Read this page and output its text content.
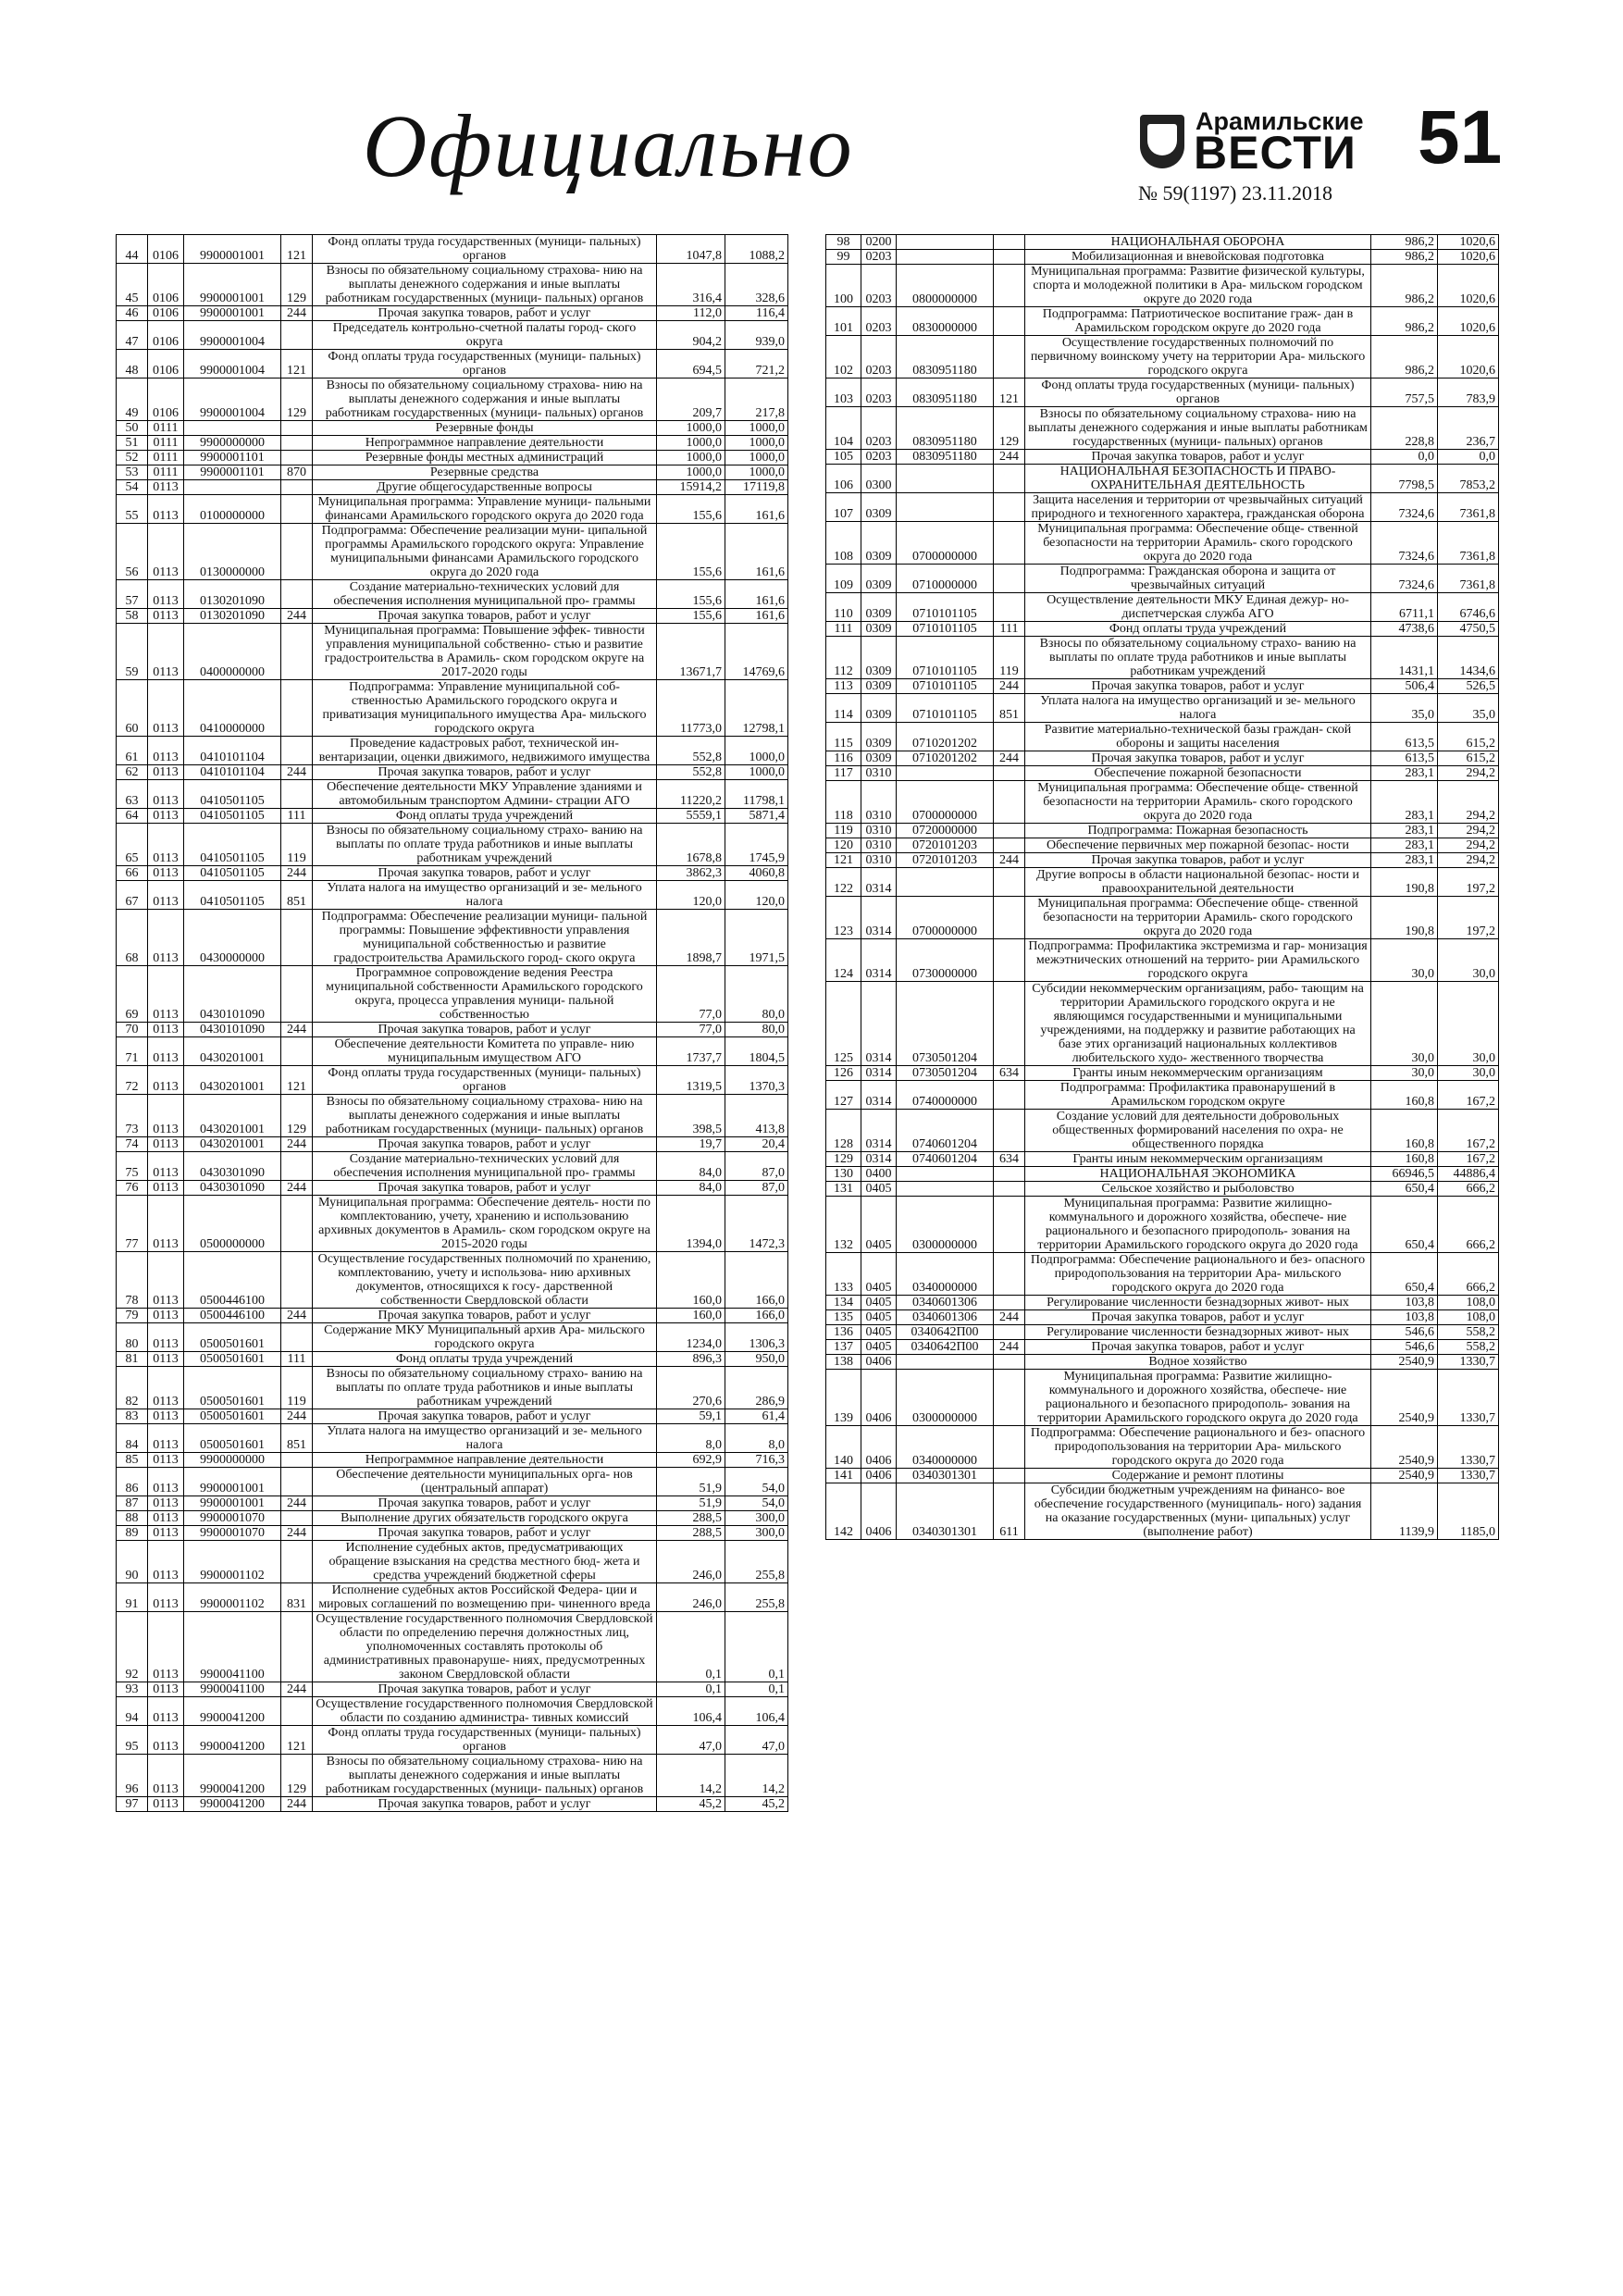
Официально	Арамильские
ВЕСТИ 51
№ 59(1197) 23.11.2018
44	0106	9900001001	121	Фонд оплаты труда государственных (муници- пальных) органов	1047,8	1088,2
45	0106	9900001001	129	Взносы по обязательному социальному страхова- нию на выплаты денежного содержания и иные выплаты работникам государственных (муници- пальных) органов	316,4	328,6
46	0106	9900001001	244	Прочая закупка товаров, работ и услуг	112,0	116,4
47	0106	9900001004		Председатель контрольно-счетной палаты город- ского округа	904,2	939,0
48	0106	9900001004	121	Фонд оплаты труда государственных (муници- пальных) органов	694,5	721,2
49	0106	9900001004	129	Взносы по обязательному социальному страхова- нию на выплаты денежного содержания и иные выплаты работникам государственных (муници- пальных) органов	209,7	217,8
50	0111			Резервные фонды	1000,0	1000,0
51	0111	9900000000		Непрограммное направление деятельности	1000,0	1000,0
52	0111	9900001101		Резервные фонды местных администраций	1000,0	1000,0
53	0111	9900001101	870	Резервные средства	1000,0	1000,0
54	0113			Другие общегосударственные вопросы	15914,2	17119,8
55	0113	0100000000		Муниципальная программа: Управление муници- пальными финансами Арамильского городского округа до 2020 года	155,6	161,6
56	0113	0130000000		Подпрограмма: Обеспечение реализации муни- ципальной программы Арамильского городского округа: Управление муниципальными финансами Арамильского городского округа до 2020 года	155,6	161,6
57	0113	0130201090		Создание материально-технических условий для обеспечения исполнения муниципальной про- граммы	155,6	161,6
58	0113	0130201090	244	Прочая закупка товаров, работ и услуг	155,6	161,6
59	0113	0400000000		Муниципальная программа: Повышение эффек- тивности управления муниципальной собственно- стью и развитие градостроительства в Арамиль- ском городском округе на 2017-2020 годы	13671,7	14769,6
60	0113	0410000000		Подпрограмма: Управление муниципальной соб- ственностью Арамильского городского округа и приватизация муниципального имущества Ара- мильского городского округа	11773,0	12798,1
61	0113	0410101104		Проведение кадастровых работ, технической ин- вентаризации, оценки движимого, недвижимого имущества	552,8	1000,0
62	0113	0410101104	244	Прочая закупка товаров, работ и услуг	552,8	1000,0
63	0113	0410501105		Обеспечение деятельности МКУ Управление зданиями и автомобильным транспортом Админи- страции АГО	11220,2	11798,1
64	0113	0410501105	111	Фонд оплаты труда учреждений	5559,1	5871,4
65	0113	0410501105	119	Взносы по обязательному социальному страхо- ванию на выплаты по оплате труда работников и иные выплаты работникам учреждений	1678,8	1745,9
66	0113	0410501105	244	Прочая закупка товаров, работ и услуг	3862,3	4060,8
67	0113	0410501105	851	Уплата налога на имущество организаций и зе- мельного налога	120,0	120,0
68	0113	0430000000		Подпрограмма: Обеспечение реализации муници- пальной программы: Повышение эффективности управления муниципальной собственностью и развитие градостроительства Арамильского город- ского округа	1898,7	1971,5
69	0113	0430101090		Программное сопровождение ведения Реестра муниципальной собственности Арамильского городского округа, процесса управления муници- пальной собственностью	77,0	80,0
70	0113	0430101090	244	Прочая закупка товаров, работ и услуг	77,0	80,0
71	0113	0430201001		Обеспечение деятельности Комитета по управле- нию муниципальным имуществом АГО	1737,7	1804,5
72	0113	0430201001	121	Фонд оплаты труда государственных (муници- пальных) органов	1319,5	1370,3
73	0113	0430201001	129	Взносы по обязательному социальному страхова- нию на выплаты денежного содержания и иные выплаты работникам государственных (муници- пальных) органов	398,5	413,8
74	0113	0430201001	244	Прочая закупка товаров, работ и услуг	19,7	20,4
75	0113	0430301090		Создание материально-технических условий для обеспечения исполнения муниципальной про- граммы	84,0	87,0
76	0113	0430301090	244	Прочая закупка товаров, работ и услуг	84,0	87,0
77	0113	0500000000		Муниципальная программа: Обеспечение деятель- ности по комплектованию, учету, хранению и использованию архивных документов в Арамиль- ском городском округе на 2015-2020 годы	1394,0	1472,3
78	0113	0500446100		Осуществление государственных полномочий по хранению, комплектованию, учету и использова- нию архивных документов, относящихся к госу- дарственной собственности Свердловской области	160,0	166,0
79	0113	0500446100	244	Прочая закупка товаров, работ и услуг	160,0	166,0
80	0113	0500501601		Содержание МКУ Муниципальный архив Ара- мильского городского округа	1234,0	1306,3
81	0113	0500501601	111	Фонд оплаты труда учреждений	896,3	950,0
82	0113	0500501601	119	Взносы по обязательному социальному страхо- ванию на выплаты по оплате труда работников и иные выплаты работникам учреждений	270,6	286,9
83	0113	0500501601	244	Прочая закупка товаров, работ и услуг	59,1	61,4
84	0113	0500501601	851	Уплата налога на имущество организаций и зе- мельного налога	8,0	8,0
85	0113	9900000000		Непрограммное направление деятельности	692,9	716,3
86	0113	9900001001		Обеспечение деятельности муниципальных орга- нов (центральный аппарат)	51,9	54,0
87	0113	9900001001	244	Прочая закупка товаров, работ и услуг	51,9	54,0
88	0113	9900001070		Выполнение других обязательств городского округа	288,5	300,0
89	0113	9900001070	244	Прочая закупка товаров, работ и услуг	288,5	300,0
90	0113	9900001102		Исполнение судебных актов, предусматривающих обращение взыскания на средства местного бюд- жета и средства учреждений бюджетной сферы	246,0	255,8
91	0113	9900001102	831	Исполнение судебных актов Российской Федера- ции и мировых соглашений по возмещению при- чиненного вреда	246,0	255,8
92	0113	9900041100		Осуществление государственного полномочия Свердловской области по определению перечня должностных лиц, уполномоченных составлять протоколы об административных правонаруше- ниях, предусмотренных законом Свердловской области	0,1	0,1
93	0113	9900041100	244	Прочая закупка товаров, работ и услуг	0,1	0,1
94	0113	9900041200		Осуществление государственного полномочия Свердловской области по созданию администра- тивных комиссий	106,4	106,4
95	0113	9900041200	121	Фонд оплаты труда государственных (муници- пальных) органов	47,0	47,0
96	0113	9900041200	129	Взносы по обязательному социальному страхова- нию на выплаты денежного содержания и иные выплаты работникам государственных (муници- пальных) органов	14,2	14,2
97	0113	9900041200	244	Прочая закупка товаров, работ и услуг	45,2	45,2
98	0200			НАЦИОНАЛЬНАЯ ОБОРОНА	986,2	1020,6
99	0203			Мобилизационная и вневойсковая подготовка	986,2	1020,6
100	0203	0800000000		Муниципальная программа: Развитие физической культуры, спорта и молодежной политики в Ара- мильском городском округе до 2020 года	986,2	1020,6
101	0203	0830000000		Подпрограмма: Патриотическое воспитание граж- дан в Арамильском городском округе до 2020 года	986,2	1020,6
102	0203	0830951180		Осуществление государственных полномочий по первичному воинскому учету на территории Ара- мильского городского округа	986,2	1020,6
103	0203	0830951180	121	Фонд оплаты труда государственных (муници- пальных) органов	757,5	783,9
104	0203	0830951180	129	Взносы по обязательному социальному страхова- нию на выплаты денежного содержания и иные выплаты работникам государственных (муници- пальных) органов	228,8	236,7
105	0203	0830951180	244	Прочая закупка товаров, работ и услуг	0,0	0,0
106	0300			НАЦИОНАЛЬНАЯ БЕЗОПАСНОСТЬ И ПРАВО- ОХРАНИТЕЛЬНАЯ ДЕЯТЕЛЬНОСТЬ	7798,5	7853,2
107	0309			Защита населения и территории от чрезвычайных ситуаций природного и техногенного характера, гражданская оборона	7324,6	7361,8
108	0309	0700000000		Муниципальная программа: Обеспечение обще- ственной безопасности на территории Арамиль- ского городского округа до 2020 года	7324,6	7361,8
109	0309	0710000000		Подпрограмма: Гражданская оборона и защита от чрезвычайных ситуаций	7324,6	7361,8
110	0309	0710101105		Осуществление деятельности МКУ Единая дежур- но-диспетчерская служба АГО	6711,1	6746,6
111	0309	0710101105	111	Фонд оплаты труда учреждений	4738,6	4750,5
112	0309	0710101105	119	Взносы по обязательному социальному страхо- ванию на выплаты по оплате труда работников и иные выплаты работникам учреждений	1431,1	1434,6
113	0309	0710101105	244	Прочая закупка товаров, работ и услуг	506,4	526,5
114	0309	0710101105	851	Уплата налога на имущество организаций и зе- мельного налога	35,0	35,0
115	0309	0710201202		Развитие материально-технической базы граждан- ской обороны и защиты населения	613,5	615,2
116	0309	0710201202	244	Прочая закупка товаров, работ и услуг	613,5	615,2
117	0310			Обеспечение пожарной безопасности	283,1	294,2
118	0310	0700000000		Муниципальная программа: Обеспечение обще- ственной безопасности на территории Арамиль- ского городского округа до 2020 года	283,1	294,2
119	0310	0720000000		Подпрограмма: Пожарная безопасность	283,1	294,2
120	0310	0720101203		Обеспечение первичных мер пожарной безопас- ности	283,1	294,2
121	0310	0720101203	244	Прочая закупка товаров, работ и услуг	283,1	294,2
122	0314			Другие вопросы в области национальной безопас- ности и правоохранительной деятельности	190,8	197,2
123	0314	0700000000		Муниципальная программа: Обеспечение обще- ственной безопасности на территории Арамиль- ского городского округа до 2020 года	190,8	197,2
124	0314	0730000000		Подпрограмма: Профилактика экстремизма и гар- монизация межэтнических отношений на террито- рии Арамильского городского округа	30,0	30,0
125	0314	0730501204		Субсидии некоммерческим организациям, рабо- тающим на территории Арамильского городского округа и не являющимся государственными и муниципальными учреждениями, на поддержку и развитие работающих на базе этих организаций национальных коллективов любительского худо- жественного творчества	30,0	30,0
126	0314	0730501204	634	Гранты иным некоммерческим организациям	30,0	30,0
127	0314	0740000000		Подпрограмма: Профилактика правонарушений в Арамильском городском округе	160,8	167,2
128	0314	0740601204		Создание условий для деятельности добровольных общественных формирований населения по охра- не общественного порядка	160,8	167,2
129	0314	0740601204	634	Гранты иным некоммерческим организациям	160,8	167,2
130	0400			НАЦИОНАЛЬНАЯ ЭКОНОМИКА	66946,5	44886,4
131	0405			Сельское хозяйство и рыболовство	650,4	666,2
132	0405	0300000000		Муниципальная программа: Развитие жилищно- коммунального и дорожного хозяйства, обеспече- ние рационального и безопасного природополь- зования на территории Арамильского городского округа до 2020 года	650,4	666,2
133	0405	0340000000		Подпрограмма: Обеспечение рационального и без- опасного природопользования на территории Ара- мильского городского округа до 2020 года	650,4	666,2
134	0405	0340601306		Регулирование численности безнадзорных живот- ных	103,8	108,0
135	0405	0340601306	244	Прочая закупка товаров, работ и услуг	103,8	108,0
136	0405	0340642П00		Регулирование численности безнадзорных живот- ных	546,6	558,2
137	0405	0340642П00	244	Прочая закупка товаров, работ и услуг	546,6	558,2
138	0406			Водное хозяйство	2540,9	1330,7
139	0406	0300000000		Муниципальная программа: Развитие жилищно- коммунального и дорожного хозяйства, обеспече- ние рационального и безопасного природополь- зования на территории Арамильского городского округа до 2020 года	2540,9	1330,7
140	0406	0340000000		Подпрограмма: Обеспечение рационального и без- опасного природопользования на территории Ара- мильского городского округа до 2020 года	2540,9	1330,7
141	0406	0340301301		Содержание и ремонт плотины	2540,9	1330,7
142	0406	0340301301	611	Субсидии бюджетным учреждениям на финансо- вое обеспечение государственного (муниципаль- ного) задания на оказание государственных (муни- ципальных) услуг (выполнение работ)	1139,9	1185,0
